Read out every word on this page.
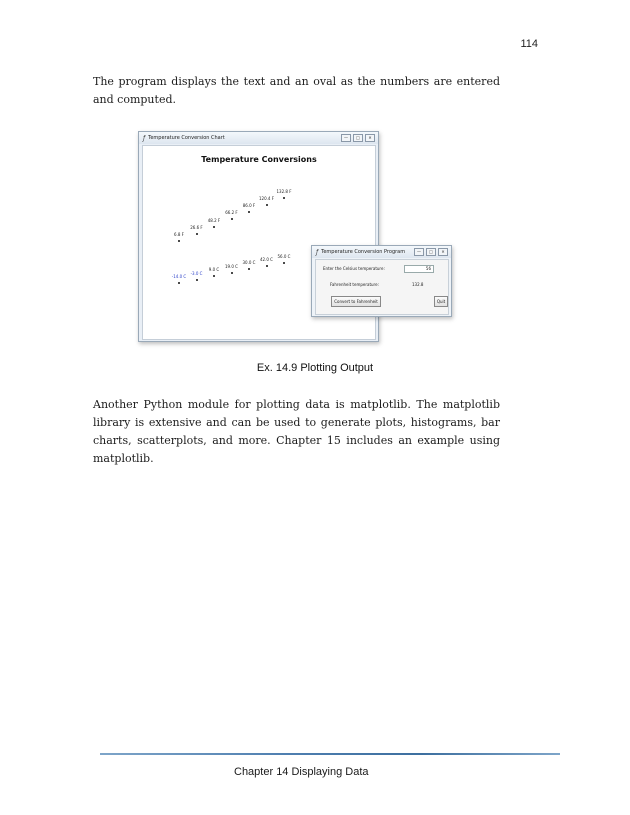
114
The program displays the text and an oval as the numbers are entered and computed.
ƒ Temperature Conversion Chart	—	□	✕
Temperature Conversions
6.8 F
26.6 F
48.2 F
66.2 F
86.0 F
120.4 F
132.8 F
-14.0 C
-3.0 C
9.0 C
19.0 C
30.0 C
42.0 C
56.0 C
ƒ Temperature Conversion Program	—	□	✕
Enter the Celsius temperature:	56
Fahrenheit temperature:	132.8
Convert to Fahrenheit	Quit
Ex. 14.9 Plotting Output
Another Python module for plotting data is matplotlib. The matplotlib library is extensive and can be used to generate plots, histograms, bar charts, scatterplots, and more. Chapter 15 includes an example using matplotlib.
Chapter 14 Displaying Data
